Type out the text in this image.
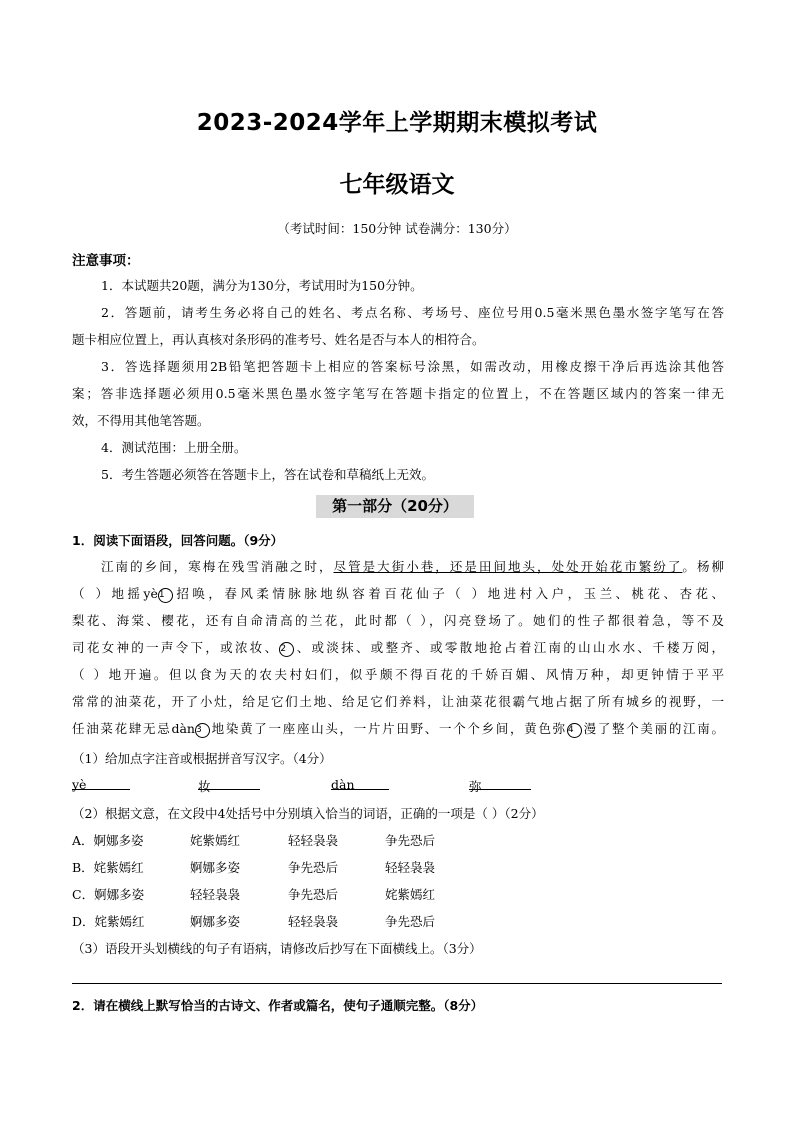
2023-2024学年上学期期末模拟考试
七年级语文
（考试时间：150分钟 试卷满分：130分）
注意事项：
1．本试题共20题，满分为130分，考试用时为150分钟。
2．答题前，请考生务必将自己的姓名、考点名称、考场号、座位号用0.5毫米黑色墨水签字笔写在答
题卡相应位置上，再认真核对条形码的准考号、姓名是否与本人的相符合。
3．答选择题须用2B铅笔把答题卡上相应的答案标号涂黑，如需改动，用橡皮擦干净后再选涂其他答
案；答非选择题必须用0.5毫米黑色墨水签字笔写在答题卡指定的位置上，不在答题区域内的答案一律无
效，不得用其他笔答题。
4．测试范围：上册全册。
5．考生答题必须答在答题卡上，答在试卷和草稿纸上无效。
第一部分（20分）
1．阅读下面语段，回答问题。（9分）
江南的乡间，寒梅在残雪消融之时，尽管是大街小巷，还是田间地头，处处开始花市繁纷了。杨柳
（ ）地摇yè1 招唤，春风柔情脉脉地纵容着百花仙子（ ）地进村入户，玉兰、桃花、杏花、
梨花、海棠、樱花，还有自命清高的兰花，此时都（ ），闪亮登场了。她们的性子都很着急，等不及
司花女神的一声令下，或浓妆、2 、或淡抹、或整齐、或零散地抢占着江南的山山水水、千楼万阅，
（ ）地开遍。但以食为天的农夫村妇们，似乎颇不得百花的千娇百媚、风情万种，却更钟情于平平
常常的油菜花，开了小灶，给足它们土地、给足它们养料，让油菜花很霸气地占据了所有城乡的视野，一
任油菜花肆无忌dàn3 地染黄了一座座山头，一片片田野、一个个乡间，黄色弥4 漫了整个美丽的江南。
（1）给加点字注音或根据拼音写汉字。（4分）
yè	妆	dàn	弥
（2）根据文意，在文段中4处括号中分别填入恰当的词语，正确的一项是（ ）（2分）
A．婀娜多姿	姹紫嫣红	轻轻袅袅	争先恐后
B．姹紫嫣红	婀娜多姿	争先恐后	轻轻袅袅
C．婀娜多姿	轻轻袅袅	争先恐后	姹紫嫣红
D．姹紫嫣红	婀娜多姿	轻轻袅袅	争先恐后
（3）语段开头划横线的句子有语病，请修改后抄写在下面横线上。（3分）
2．请在横线上默写恰当的古诗文、作者或篇名，使句子通顺完整。（8分）
